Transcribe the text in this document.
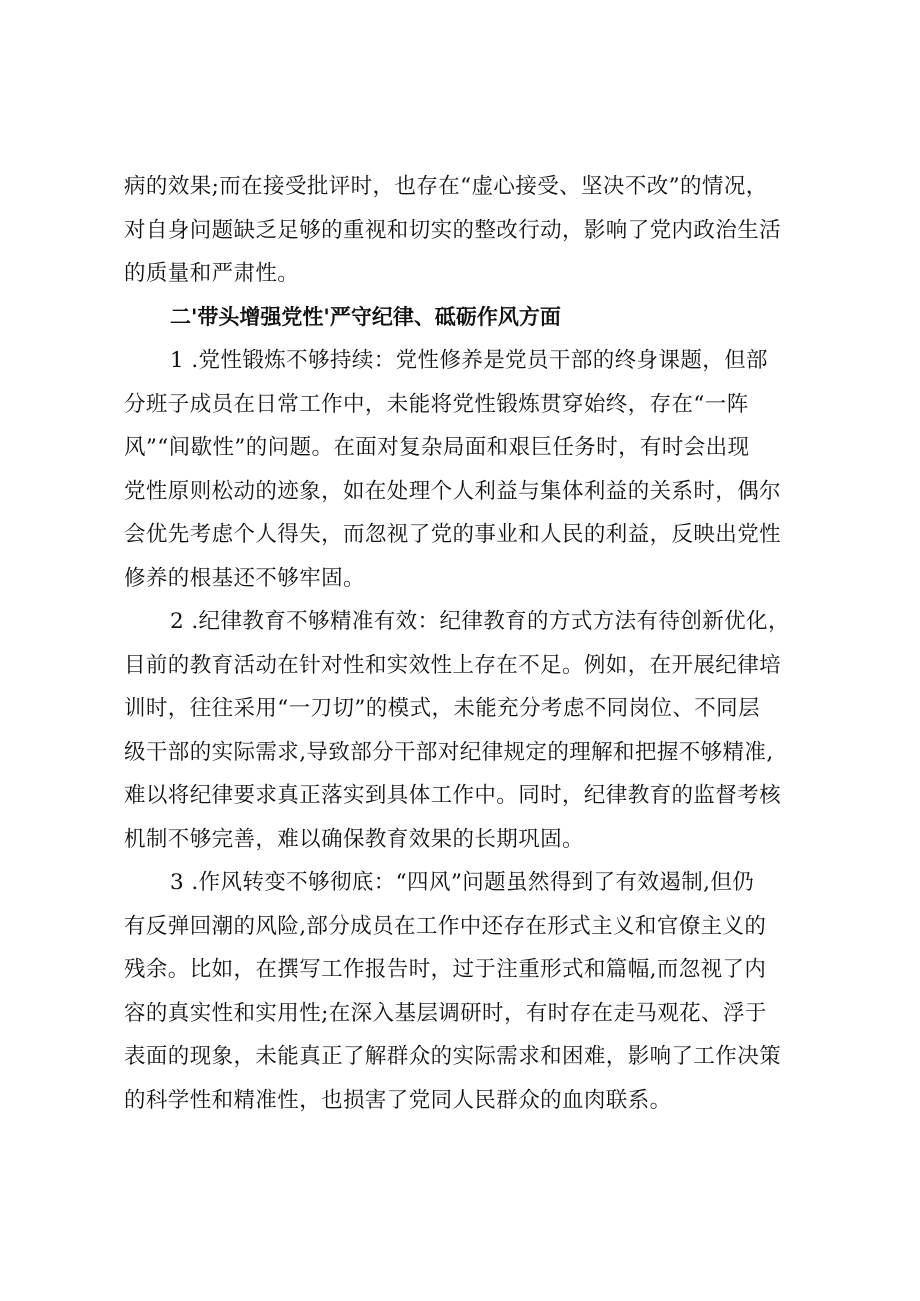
病的效果;而在接受批评时，也存在“虚心接受、坚决不改”的情况，
对自身问题缺乏足够的重视和切实的整改行动，影响了党内政治生活
的质量和严肃性。
二'带头增强党性'严守纪律、砥砺作风方面
1 .党性锻炼不够持续：党性修养是党员干部的终身课题，但部
分班子成员在日常工作中，未能将党性锻炼贯穿始终，存在“一阵
风”“间歇性”的问题。在面对复杂局面和艰巨任务时，有时会出现
党性原则松动的迹象，如在处理个人利益与集体利益的关系时，偶尔
会优先考虑个人得失，而忽视了党的事业和人民的利益，反映出党性
修养的根基还不够牢固。
2 .纪律教育不够精准有效：纪律教育的方式方法有待创新优化，
目前的教育活动在针对性和实效性上存在不足。例如，在开展纪律培
训时，往往采用“一刀切”的模式，未能充分考虑不同岗位、不同层
级干部的实际需求,导致部分干部对纪律规定的理解和把握不够精准,
难以将纪律要求真正落实到具体工作中。同时，纪律教育的监督考核
机制不够完善，难以确保教育效果的长期巩固。
3 .作风转变不够彻底：“四风”问题虽然得到了有效遏制,但仍
有反弹回潮的风险,部分成员在工作中还存在形式主义和官僚主义的
残余。比如，在撰写工作报告时，过于注重形式和篇幅,而忽视了内
容的真实性和实用性;在深入基层调研时，有时存在走马观花、浮于
表面的现象，未能真正了解群众的实际需求和困难，影响了工作决策
的科学性和精准性，也损害了党同人民群众的血肉联系。
